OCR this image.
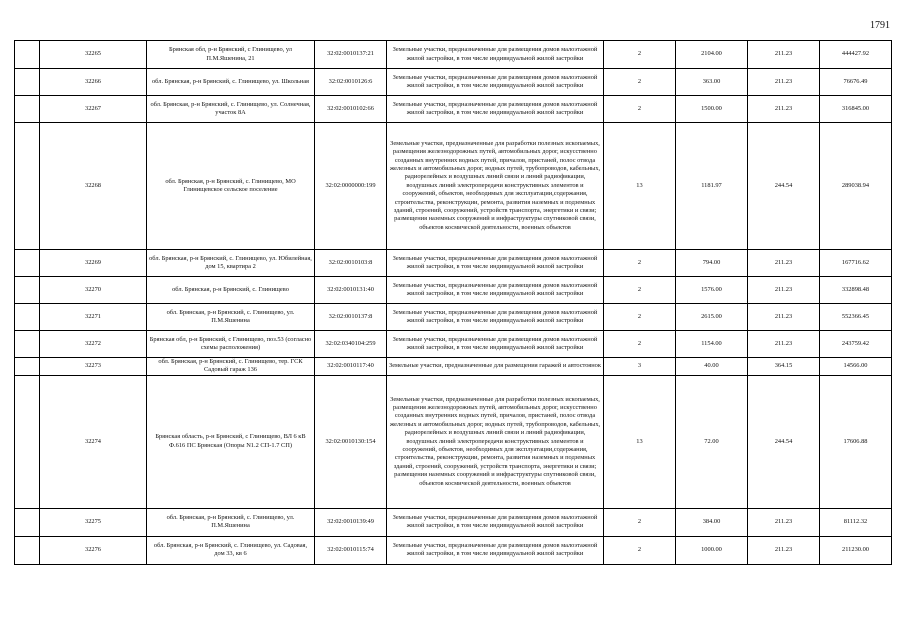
1791
	32265	Брянская обл, р-н Брянский, с Глинищево, ул П.М.Яшенина, 21	32:02:0010137:21	Земельные участки, предназначенные для размещения домов малоэтажной жилой застройки, в том числе индивидуальной жилой застройки	2	2104.00	211.23	444427.92
	32266	обл. Брянская, р-н Брянский, с. Глинищево, ул. Школьная	32:02:0010126:6	Земельные участки, предназначенные для размещения домов малоэтажной жилой застройки, в том числе индивидуальной жилой застройки	2	363.00	211.23	76676.49
	32267	обл. Брянская, р-н Брянский, с. Глинищево, ул. Солнечная, участок 8А	32:02:0010102:66	Земельные участки, предназначенные для размещения домов малоэтажной жилой застройки, в том числе индивидуальной жилой застройки	2	1500.00	211.23	316845.00
	32268	обл. Брянская, р-н Брянский, с. Глинищево, МО Глинищевское сельское поселение	32:02:0000000:199	Земельные участки, предназначенные для разработки полезных ископаемых, размещения железнодорожных путей, автомобильных дорог, искусственно созданных внутренних водных путей, причалов, пристаней, полос отвода железных и автомобильных дорог, водных путей, трубопроводов, кабельных, радиорелейных и воздушных линий связи и линий радиофикации, воздушных линий электропередачи конструктивных элементов и сооружений, объектов, необходимых для эксплуатации,содержания, строительства, реконструкции, ремонта, развития наземных и подземных зданий, строений, сооружений, устройств транспорта, энергетики и связи; размещения наземных сооружений и инфраструктуры спутниковой связи, объектов космической деятельности, военных объектов	13	1181.97	244.54	289038.94
	32269	обл. Брянская, р-н Брянский, с. Глинищево, ул. Юбилейная, дом 15, квартира 2	32:02:0010103:8	Земельные участки, предназначенные для размещения домов малоэтажной жилой застройки, в том числе индивидуальной жилой застройки	2	794.00	211.23	167716.62
	32270	обл. Брянская, р-н Брянский, с. Глинищево	32:02:0010131:40	Земельные участки, предназначенные для размещения домов малоэтажной жилой застройки, в том числе индивидуальной жилой застройки	2	1576.00	211.23	332898.48
	32271	обл. Брянская, р-н Брянский, с. Глинищево, ул. П.М.Яшенина	32:02:0010137:8	Земельные участки, предназначенные для размещения домов малоэтажной жилой застройки, в том числе индивидуальной жилой застройки	2	2615.00	211.23	552366.45
	32272	Брянская обл, р-н Брянский, с Глинищево, поз.53 (согласно схемы расположения)	32:02:0340104:259	Земельные участки, предназначенные для размещения домов малоэтажной жилой застройки, в том числе индивидуальной жилой застройки	2	1154.00	211.23	243759.42
	32273	обл. Брянская, р-н Брянский, с. Глинищево, тер. ГСК Садовый гараж 136	32:02:0010117:40	Земельные участки, предназначенные для размещения гаражей и автостоянок	3	40.00	364.15	14566.00
	32274	Брянская область, р-н Брянский, с Глинищево, ВЛ 6 кВ Ф.616 ПС Брянская (Опоры N1.2 СП-1.7 СП)	32:02:0010130:154	Земельные участки, предназначенные для разработки полезных ископаемых, размещения железнодорожных путей, автомобильных дорог, искусственно созданных внутренних водных путей, причалов, пристаней, полос отвода железных и автомобильных дорог, водных путей, трубопроводов, кабельных, радиорелейных и воздушных линий связи и линий радиофикации, воздушных линий электропередачи конструктивных элементов и сооружений, объектов, необходимых для эксплуатации,содержания, строительства, реконструкции, ремонта, развития наземных и подземных зданий, строений, сооружений, устройств транспорта, энергетики и связи; размещения наземных сооружений и инфраструктуры спутниковой связи, объектов космической деятельности, военных объектов	13	72.00	244.54	17606.88
	32275	обл. Брянская, р-н Брянский, с. Глинищево, ул. П.М.Яшенина	32:02:0010139:49	Земельные участки, предназначенные для размещения домов малоэтажной жилой застройки, в том числе индивидуальной жилой застройки	2	384.00	211.23	81112.32
	32276	обл. Брянская, р-н Брянский, с. Глинищево, ул. Садовая, дом 33, кв 6	32:02:0010115:74	Земельные участки, предназначенные для размещения домов малоэтажной жилой застройки, в том числе индивидуальной жилой застройки	2	1000.00	211.23	211230.00
